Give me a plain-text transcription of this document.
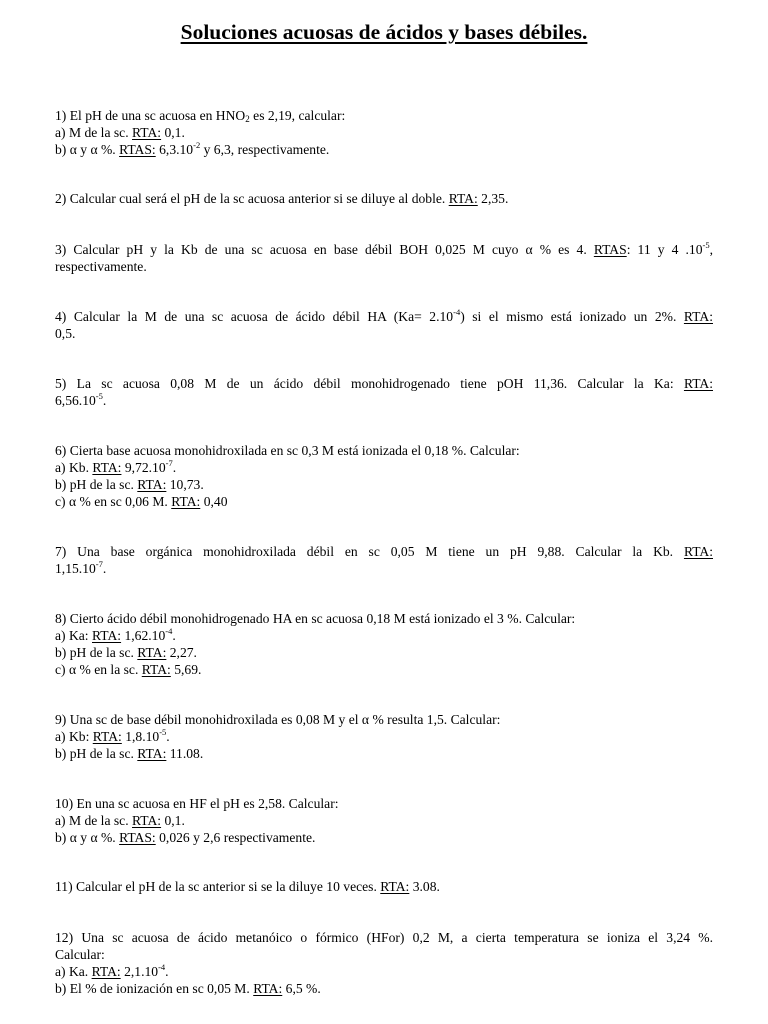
Soluciones acuosas de ácidos y bases débiles.

1) El pH de una sc acuosa en $HNO_2$ es 2,19, calcular:

a) M de la sc. RTA: 0,1.

b) α y α %. RTAS: $6,3.10^{-2}$ y 6,3, respectivamente.

2) Calcular cual será el pH de la sc acuosa anterior si se diluye al doble. RTA: 2,35.

3) Calcular pH y la Kb de una sc acuosa en base débil BOH 0,025 M cuyo α % es 4. RTAS: 11 y 4 $.10^{-5}$,

respectivamente.

4) Calcular la M de una sc acuosa de ácido débil HA $(Ka= 2.10^{-4})$ si el mismo está ionizado un 2%. RTA:

0,5.

5) La sc acuosa 0,08 M de un ácido débil monohidrogenado tiene pOH 11,36. Calcular la Ka: RTA:

$6,56.10^{-5}$.

6) Cierta base acuosa monohidroxilada en sc 0,3 M está ionizada el 0,18 %. Calcular:

a) Kb. RTA: $9,72.10^{-7}$.

b) pH de la sc. RTA: 10,73.

c) α % en sc 0,06 M. RTA: 0,40

7) Una base orgánica monohidroxilada débil en sc 0,05 M tiene un pH 9,88. Calcular la Kb. RTA:

$1,15.10^{-7}$.

8) Cierto ácido débil monohidrogenado HA en sc acuosa 0,18 M está ionizado el 3 %. Calcular:

a) Ka: RTA: $1,62.10^{-4}$.

b) pH de la sc. RTA: 2,27.

c) α % en la sc. RTA: 5,69.

9) Una sc de base débil monohidroxilada es 0,08 M y el α % resulta 1,5. Calcular:

a) Kb: RTA: $1,8.10^{-5}$.

b) pH de la sc. RTA: 11.08.

10) En una sc acuosa en HF el pH es 2,58. Calcular:

a) M de la sc. RTA: 0,1.

b) α y α %. RTAS: 0,026 y 2,6 respectivamente.

11) Calcular el pH de la sc anterior si se la diluye 10 veces. RTA: 3.08.

12) Una sc acuosa de ácido metanóico o fórmico (HFor) 0,2 M, a cierta temperatura se ioniza el 3,24 %.

Calcular:

a) Ka. RTA: $2,1.10^{-4}$.

b) El % de ionización en sc 0,05 M. RTA: 6,5 %.
